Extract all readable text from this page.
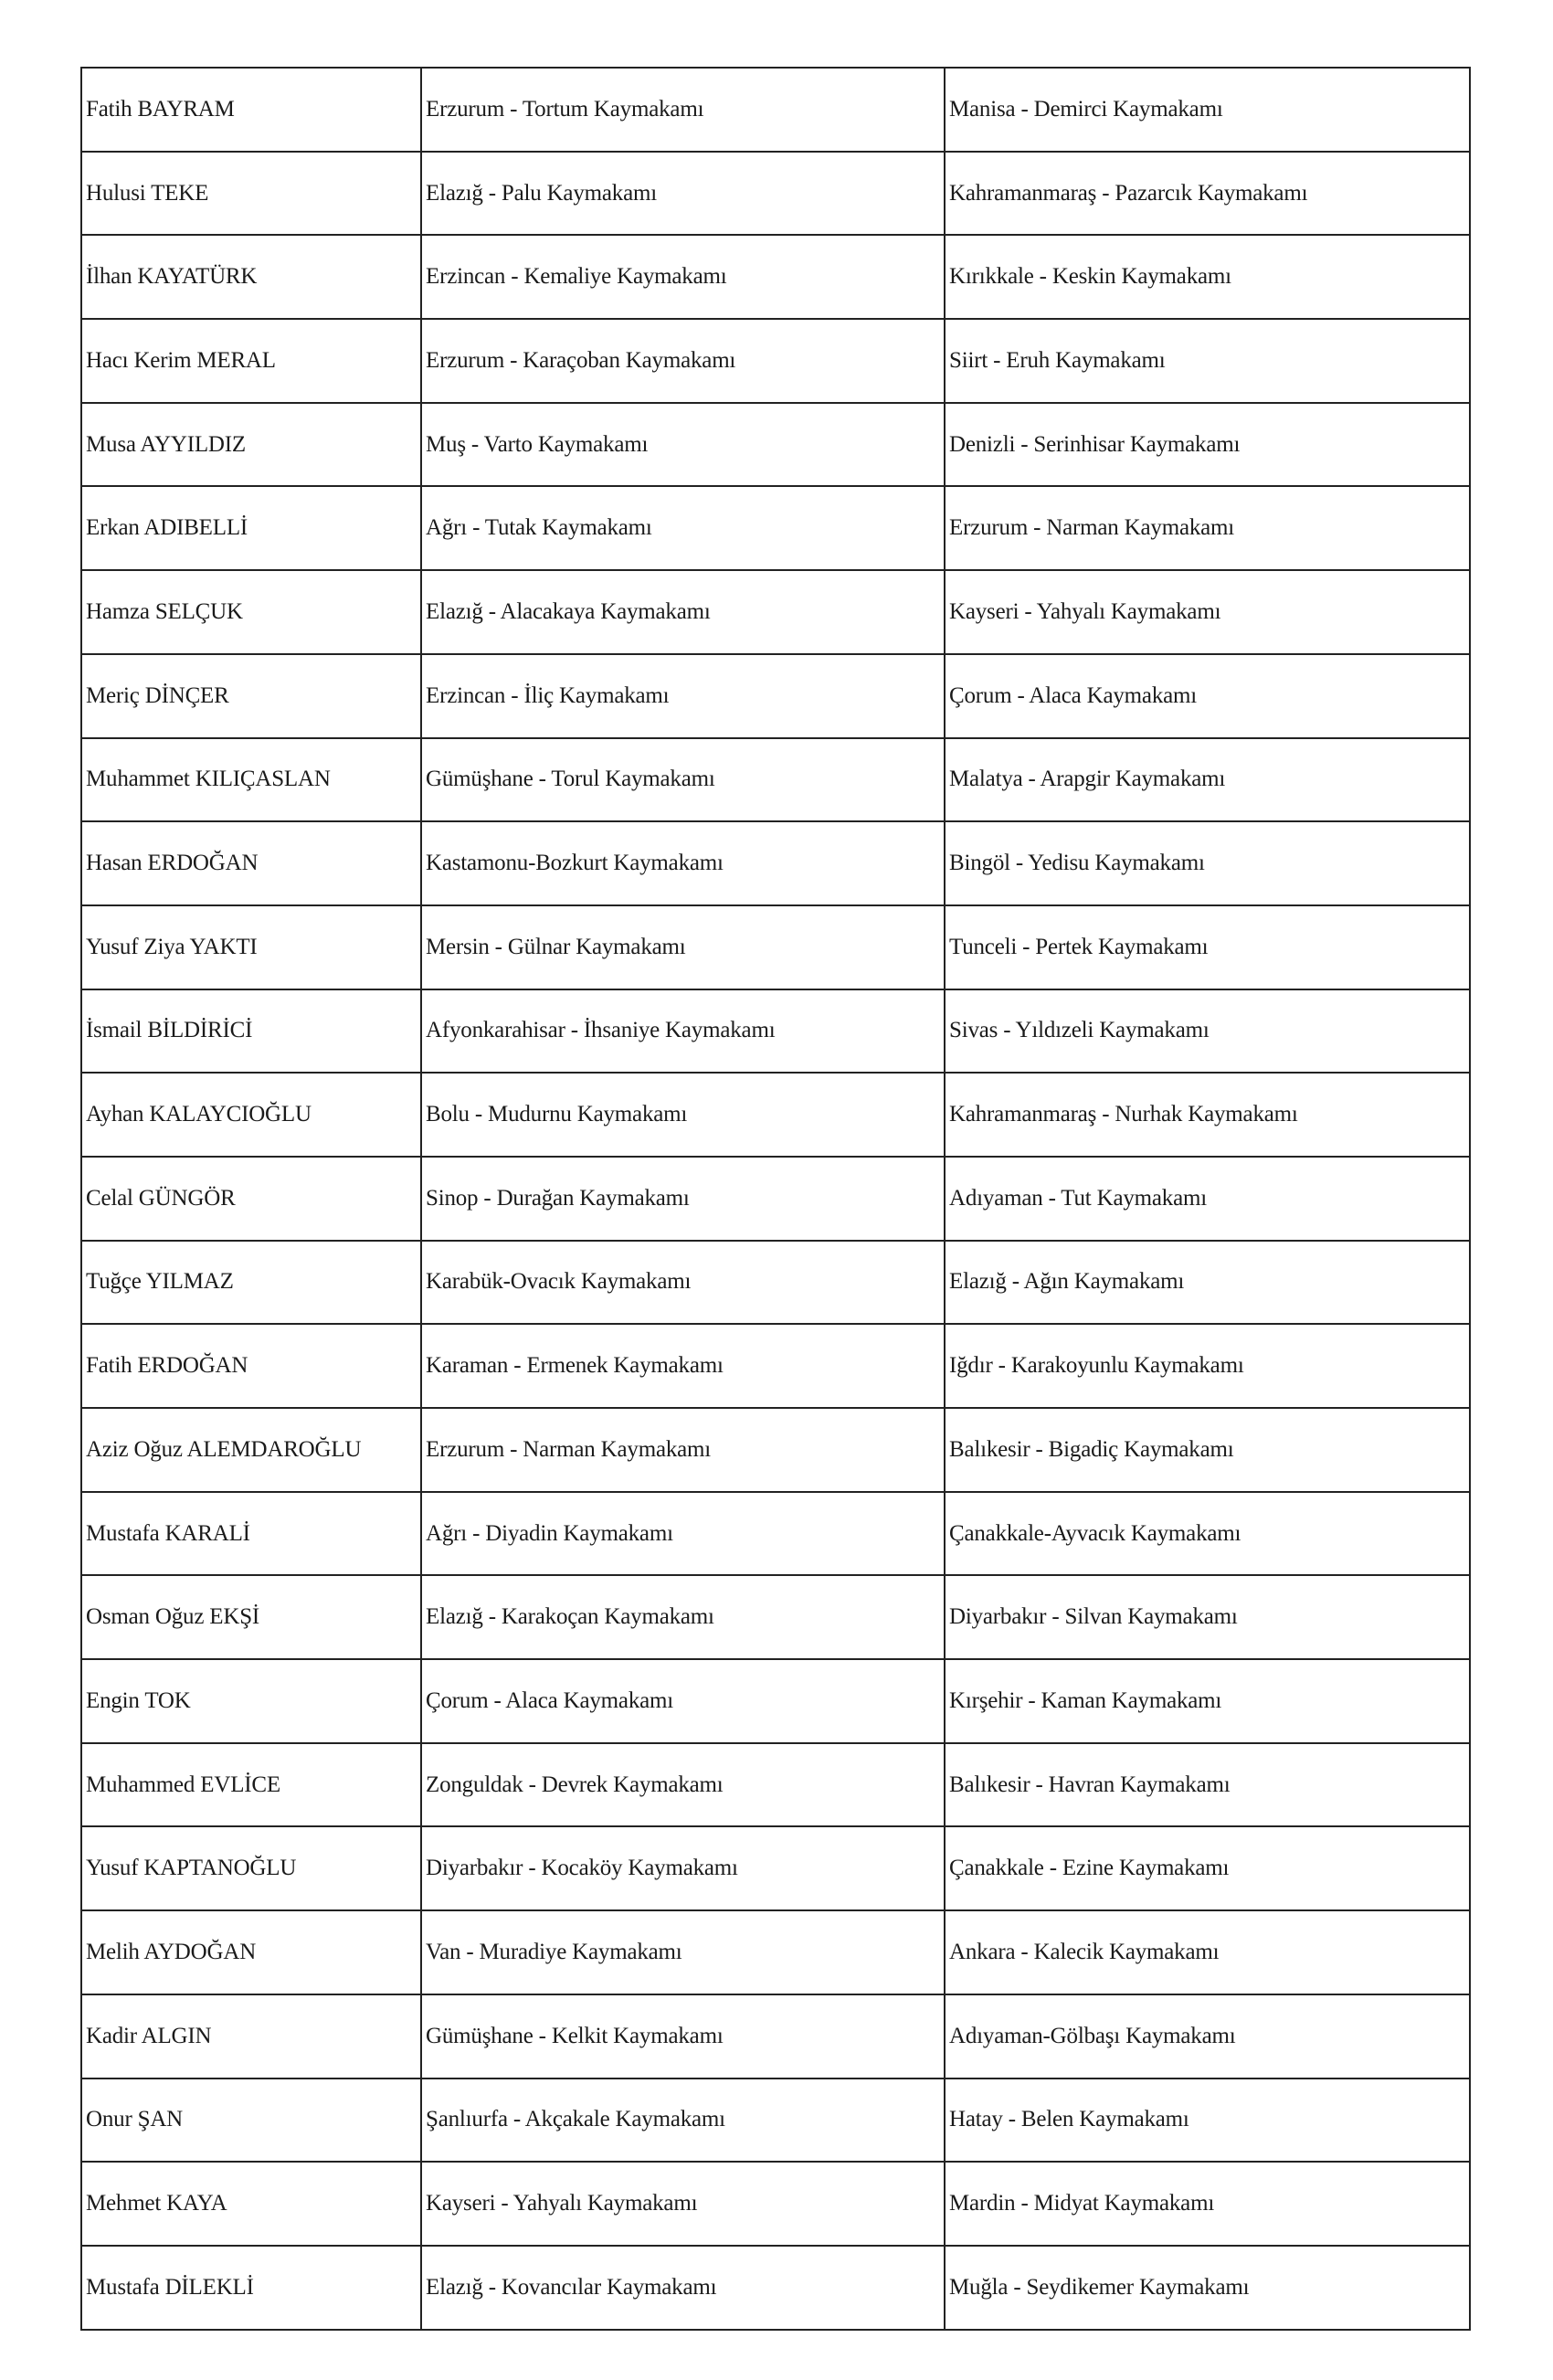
Fatih BAYRAM	Erzurum - Tortum Kaymakamı	Manisa - Demirci Kaymakamı
Hulusi TEKE	Elazığ - Palu Kaymakamı	Kahramanmaraş - Pazarcık Kaymakamı
İlhan KAYATÜRK	Erzincan - Kemaliye Kaymakamı	Kırıkkale - Keskin Kaymakamı
Hacı Kerim MERAL	Erzurum - Karaçoban Kaymakamı	Siirt - Eruh Kaymakamı
Musa AYYILDIZ	Muş - Varto Kaymakamı	Denizli - Serinhisar Kaymakamı
Erkan ADIBELLİ	Ağrı - Tutak Kaymakamı	Erzurum - Narman Kaymakamı
Hamza SELÇUK	Elazığ - Alacakaya Kaymakamı	Kayseri - Yahyalı Kaymakamı
Meriç DİNÇER	Erzincan - İliç Kaymakamı	Çorum - Alaca Kaymakamı
Muhammet KILIÇASLAN	Gümüşhane - Torul Kaymakamı	Malatya - Arapgir Kaymakamı
Hasan ERDOĞAN	Kastamonu-Bozkurt Kaymakamı	Bingöl - Yedisu Kaymakamı
Yusuf Ziya YAKTI	Mersin - Gülnar Kaymakamı	Tunceli - Pertek Kaymakamı
İsmail BİLDİRİCİ	Afyonkarahisar - İhsaniye Kaymakamı	Sivas - Yıldızeli Kaymakamı
Ayhan KALAYCIOĞLU	Bolu - Mudurnu Kaymakamı	Kahramanmaraş - Nurhak Kaymakamı
Celal GÜNGÖR	Sinop - Durağan Kaymakamı	Adıyaman - Tut Kaymakamı
Tuğçe YILMAZ	Karabük-Ovacık Kaymakamı	Elazığ - Ağın Kaymakamı
Fatih ERDOĞAN	Karaman - Ermenek Kaymakamı	Iğdır - Karakoyunlu Kaymakamı
Aziz Oğuz ALEMDAROĞLU	Erzurum - Narman Kaymakamı	Balıkesir - Bigadiç Kaymakamı
Mustafa KARALİ	Ağrı - Diyadin Kaymakamı	Çanakkale-Ayvacık Kaymakamı
Osman Oğuz EKŞİ	Elazığ - Karakoçan Kaymakamı	Diyarbakır - Silvan Kaymakamı
Engin TOK	Çorum - Alaca Kaymakamı	Kırşehir - Kaman Kaymakamı
Muhammed EVLİCE	Zonguldak - Devrek Kaymakamı	Balıkesir - Havran Kaymakamı
Yusuf KAPTANOĞLU	Diyarbakır - Kocaköy Kaymakamı	Çanakkale - Ezine Kaymakamı
Melih AYDOĞAN	Van - Muradiye Kaymakamı	Ankara - Kalecik Kaymakamı
Kadir ALGIN	Gümüşhane - Kelkit Kaymakamı	Adıyaman-Gölbaşı Kaymakamı
Onur ŞAN	Şanlıurfa - Akçakale Kaymakamı	Hatay - Belen Kaymakamı
Mehmet KAYA	Kayseri - Yahyalı Kaymakamı	Mardin - Midyat Kaymakamı
Mustafa DİLEKLİ	Elazığ - Kovancılar Kaymakamı	Muğla - Seydikemer Kaymakamı
